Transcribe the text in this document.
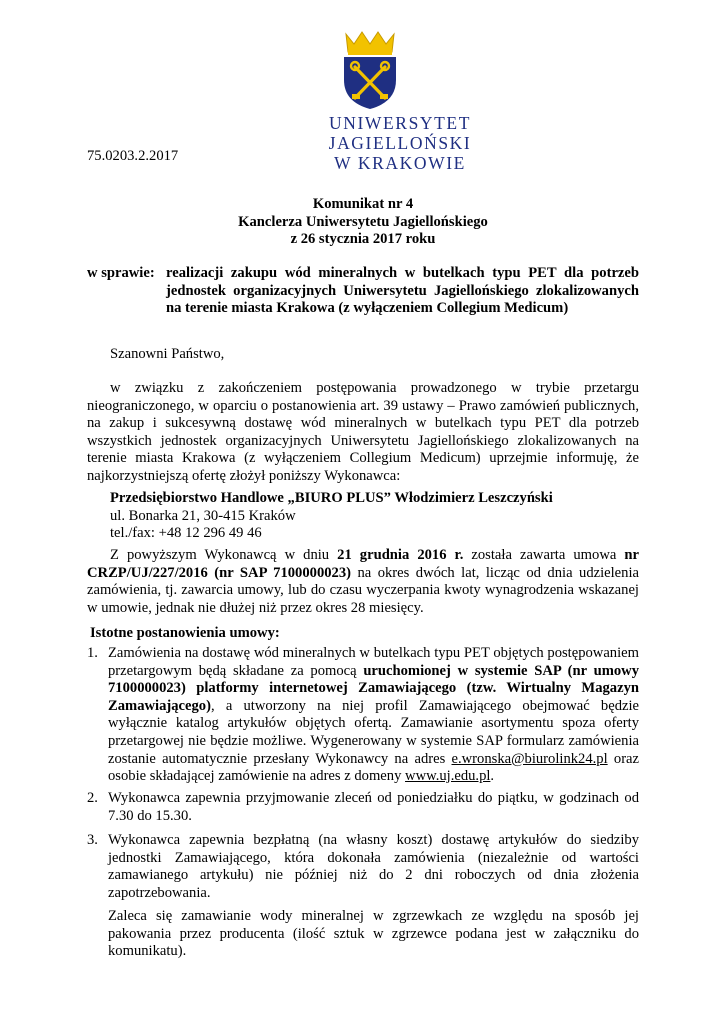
UNIWERSYTET JAGIELLOŃSKI
W KRAKOWIE
75.0203.2.2017
Komunikat nr 4
Kanclerza Uniwersytetu Jagiellońskiego
z 26 stycznia 2017 roku
w sprawie: realizacji zakupu wód mineralnych w butelkach typu PET dla potrzeb jednostek organizacyjnych Uniwersytetu Jagiellońskiego zlokalizowanych na terenie miasta Krakowa (z wyłączeniem Collegium Medicum)
Szanowni Państwo,
w związku z zakończeniem postępowania prowadzonego w trybie przetargu nieograniczonego, w oparciu o postanowienia art. 39 ustawy – Prawo zamówień publicznych, na zakup i sukcesywną dostawę wód mineralnych w butelkach typu PET dla potrzeb wszystkich jednostek organizacyjnych Uniwersytetu Jagiellońskiego zlokalizowanych na terenie miasta Krakowa (z wyłączeniem Collegium Medicum) uprzejmie informuję, że najkorzystniejszą ofertę złożył poniższy Wykonawca:
Przedsiębiorstwo Handlowe „BIURO PLUS” Włodzimierz Leszczyński
ul. Bonarka 21, 30-415 Kraków
tel./fax: +48 12 296 49 46
Z powyższym Wykonawcą w dniu 21 grudnia 2016 r. została zawarta umowa nr CRZP/UJ/227/2016 (nr SAP 7100000023) na okres dwóch lat, licząc od dnia udzielenia zamówienia, tj. zawarcia umowy, lub do czasu wyczerpania kwoty wynagrodzenia wskazanej w umowie, jednak nie dłużej niż przez okres 28 miesięcy.
Istotne postanowienia umowy:
1. Zamówienia na dostawę wód mineralnych w butelkach typu PET objętych postępowaniem przetargowym będą składane za pomocą uruchomionej w systemie SAP (nr umowy 7100000023) platformy internetowej Zamawiającego (tzw. Wirtualny Magazyn Zamawiającego), a utworzony na niej profil Zamawiającego obejmować będzie wyłącznie katalog artykułów objętych ofertą. Zamawianie asortymentu spoza oferty przetargowej nie będzie możliwe. Wygenerowany w systemie SAP formularz zamówienia zostanie automatycznie przesłany Wykonawcy na adres e.wronska@biurolink24.pl oraz osobie składającej zamówienie na adres z domeny www.uj.edu.pl.
2. Wykonawca zapewnia przyjmowanie zleceń od poniedziałku do piątku, w godzinach od 7.30 do 15.30.
3. Wykonawca zapewnia bezpłatną (na własny koszt) dostawę artykułów do siedziby jednostki Zamawiającego, która dokonała zamówienia (niezależnie od wartości zamawianego artykułu) nie później niż do 2 dni roboczych od dnia złożenia zapotrzebowania.
Zaleca się zamawianie wody mineralnej w zgrzewkach ze względu na sposób jej pakowania przez producenta (ilość sztuk w zgrzewce podana jest w załączniku do komunikatu).
